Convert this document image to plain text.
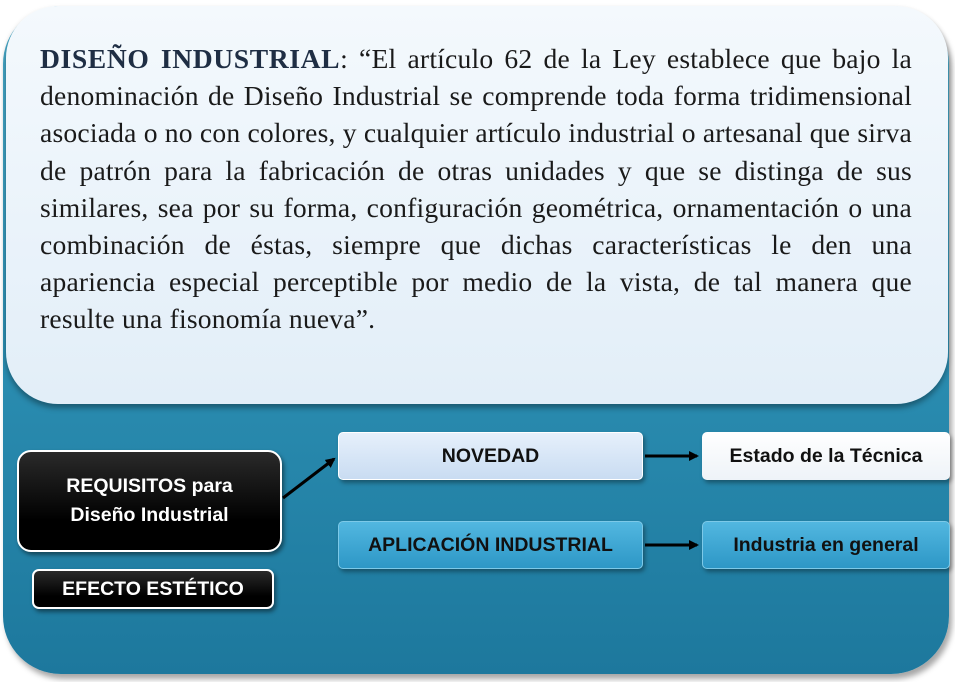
DISEÑO INDUSTRIAL: “El artículo 62 de la Ley establece que bajo la denominación de Diseño Industrial se comprende toda forma tridimensional asociada o no con colores, y cualquier artículo industrial o artesanal que sirva de patrón para la fabricación de otras unidades y que se distinga de sus similares, sea por su forma, configuración geométrica, ornamentación o una combinación de éstas, siempre que dichas características le den una apariencia especial perceptible por medio de la vista, de tal manera que resulte una fisonomía nueva”.

REQUISITOS para
Diseño Industrial
EFECTO ESTÉTICO
NOVEDAD	Estado de la Técnica
APLICACIÓN INDUSTRIAL	Industria en general
